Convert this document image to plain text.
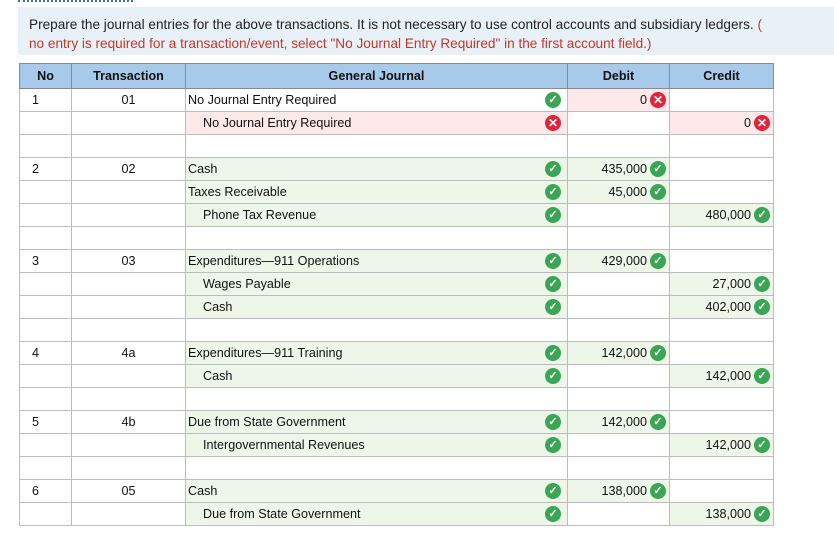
Prepare the journal entries for the above transactions. It is not necessary to use control accounts and subsidiary ledgers. (
no entry is required for a transaction/event, select "No Journal Entry Required" in the first account field.)
No	Transaction	General Journal	Debit	Credit
1	01	No Journal Entry Required ✓	0 ✕	

		No Journal Entry Required ✕		0 ✕

2	02	Cash ✓	435,000 ✓	

		Taxes Receivable ✓	45,000 ✓	

		Phone Tax Revenue ✓		480,000 ✓

3	03	Expenditures—911 Operations ✓	429,000 ✓	

		Wages Payable ✓		27,000 ✓

		Cash ✓		402,000 ✓

4	4a	Expenditures—911 Training ✓	142,000 ✓	

		Cash ✓		142,000 ✓

5	4b	Due from State Government ✓	142,000 ✓	

		Intergovernmental Revenues ✓		142,000 ✓

6	05	Cash ✓	138,000 ✓	

		Due from State Government ✓		138,000 ✓
